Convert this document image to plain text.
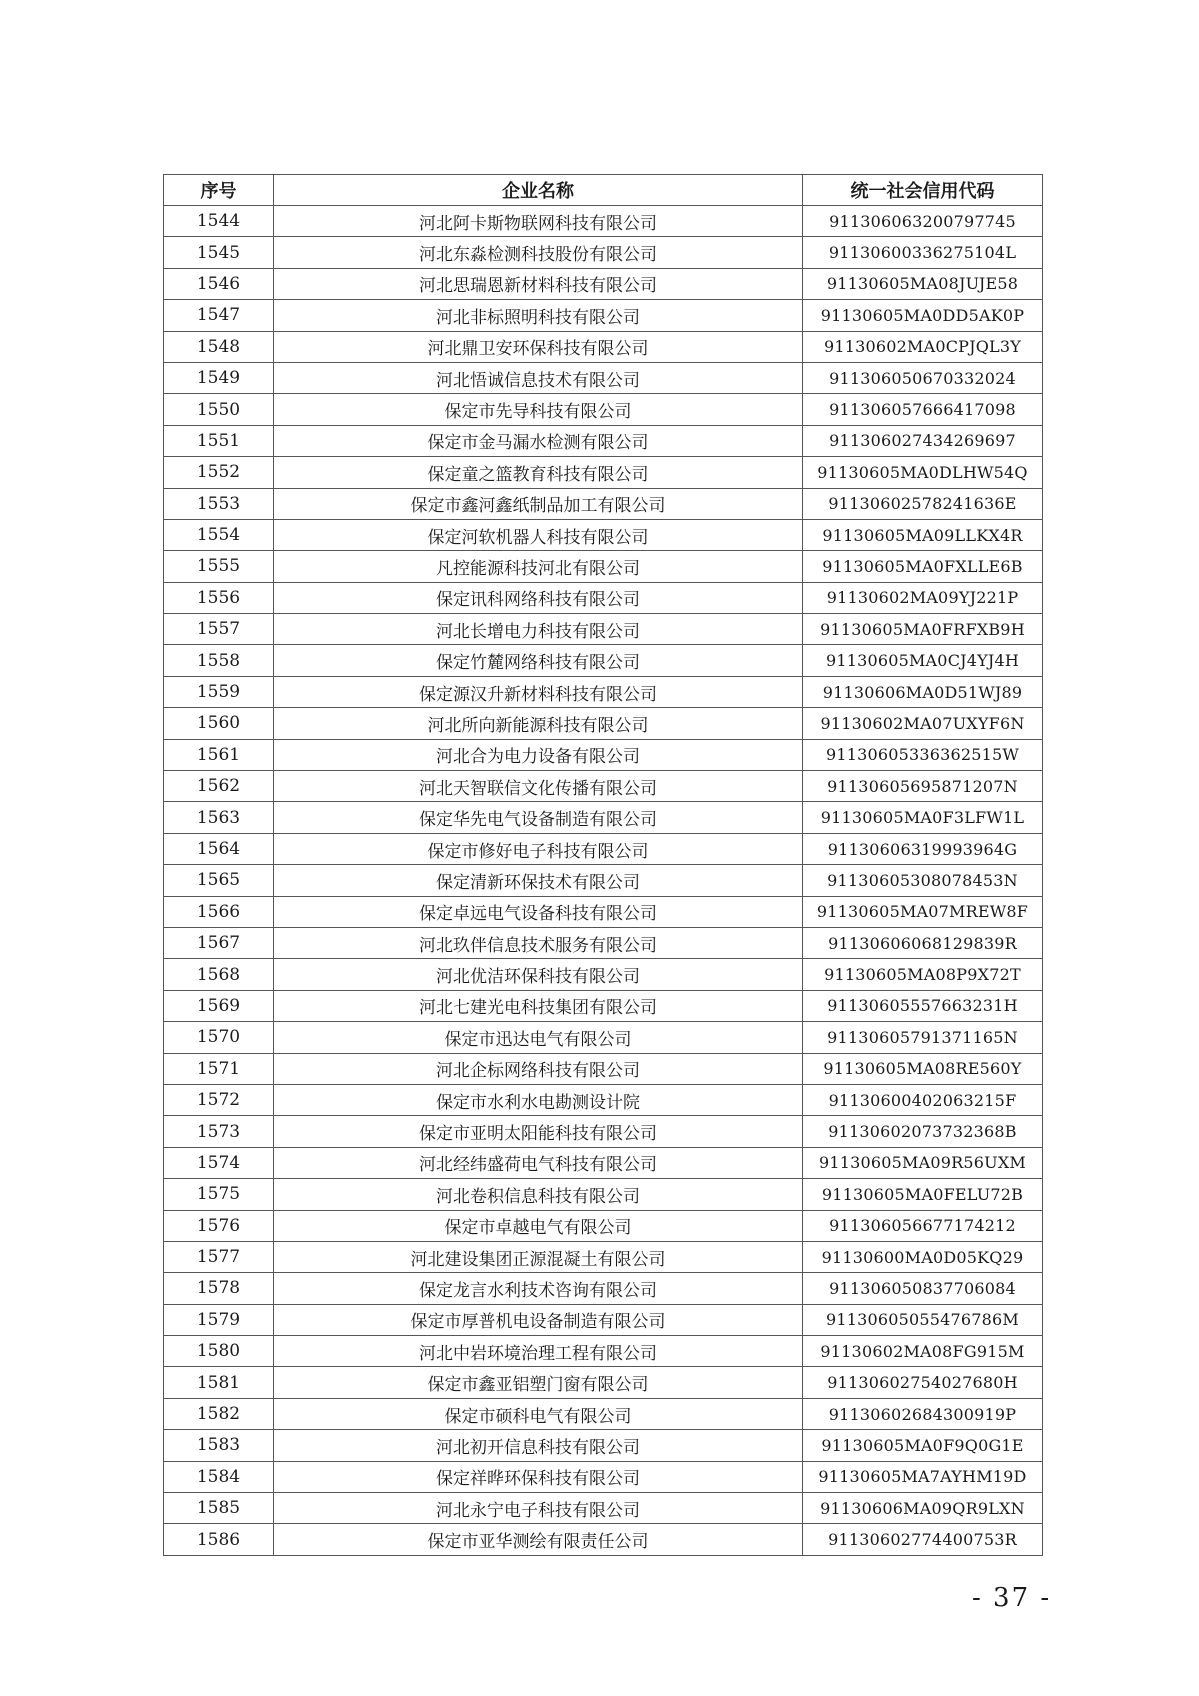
序号	企业名称	统一社会信用代码
1544	河北阿卡斯物联网科技有限公司	911306063200797745
1545	河北东淼检测科技股份有限公司	91130600336275104L
1546	河北思瑞恩新材料科技有限公司	91130605MA08JUJE58
1547	河北非标照明科技有限公司	91130605MA0DD5AK0P
1548	河北鼎卫安环保科技有限公司	91130602MA0CPJQL3Y
1549	河北悟诚信息技术有限公司	911306050670332024
1550	保定市先导科技有限公司	911306057666417098
1551	保定市金马漏水检测有限公司	911306027434269697
1552	保定童之篮教育科技有限公司	91130605MA0DLHW54Q
1553	保定市鑫河鑫纸制品加工有限公司	91130602578241636E
1554	保定河软机器人科技有限公司	91130605MA09LLKX4R
1555	凡控能源科技河北有限公司	91130605MA0FXLLE6B
1556	保定讯科网络科技有限公司	91130602MA09YJ221P
1557	河北长增电力科技有限公司	91130605MA0FRFXB9H
1558	保定竹麓网络科技有限公司	91130605MA0CJ4YJ4H
1559	保定源汉升新材料科技有限公司	91130606MA0D51WJ89
1560	河北所向新能源科技有限公司	91130602MA07UXYF6N
1561	河北合为电力设备有限公司	91130605336362515W
1562	河北天智联信文化传播有限公司	91130605695871207N
1563	保定华先电气设备制造有限公司	91130605MA0F3LFW1L
1564	保定市修好电子科技有限公司	91130606319993964G
1565	保定清新环保技术有限公司	91130605308078453N
1566	保定卓远电气设备科技有限公司	91130605MA07MREW8F
1567	河北玖伴信息技术服务有限公司	91130606068129839R
1568	河北优洁环保科技有限公司	91130605MA08P9X72T
1569	河北七建光电科技集团有限公司	91130605557663231H
1570	保定市迅达电气有限公司	91130605791371165N
1571	河北企标网络科技有限公司	91130605MA08RE560Y
1572	保定市水利水电勘测设计院	91130600402063215F
1573	保定市亚明太阳能科技有限公司	91130602073732368B
1574	河北经纬盛荷电气科技有限公司	91130605MA09R56UXM
1575	河北卷积信息科技有限公司	91130605MA0FELU72B
1576	保定市卓越电气有限公司	911306056677174212
1577	河北建设集团正源混凝土有限公司	91130600MA0D05KQ29
1578	保定龙言水利技术咨询有限公司	911306050837706084
1579	保定市厚普机电设备制造有限公司	91130605055476786M
1580	河北中岩环境治理工程有限公司	91130602MA08FG915M
1581	保定市鑫亚铝塑门窗有限公司	91130602754027680H
1582	保定市硕科电气有限公司	91130602684300919P
1583	河北初开信息科技有限公司	91130605MA0F9Q0G1E
1584	保定祥晔环保科技有限公司	91130605MA7AYHM19D
1585	河北永宁电子科技有限公司	91130606MA09QR9LXN
1586	保定市亚华测绘有限责任公司	91130602774400753R
- 37 -
